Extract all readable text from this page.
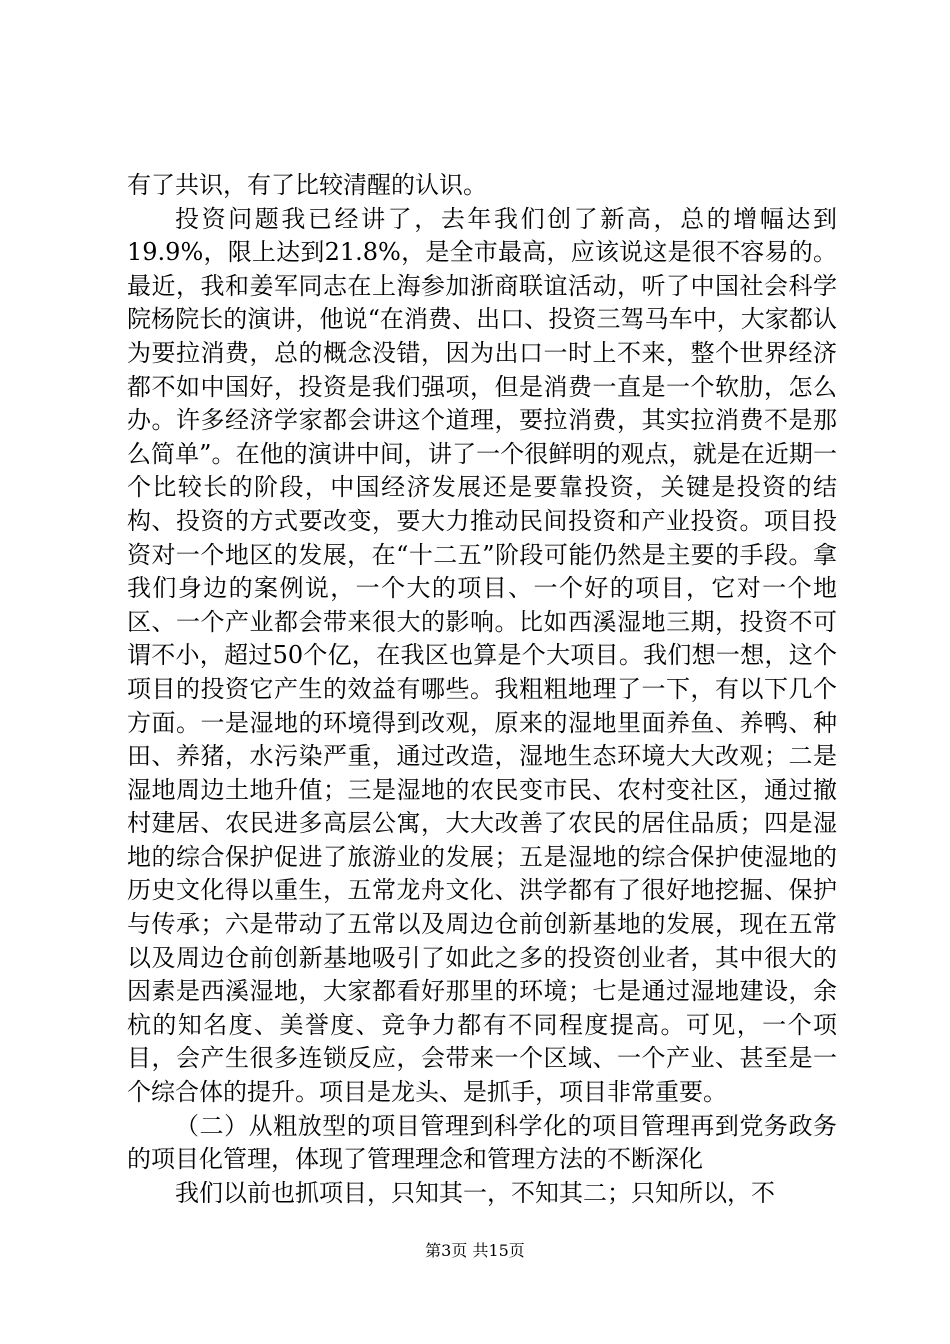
有了共识，有了比较清醒的认识。

投资问题我已经讲了，去年我们创了新高，总的增幅达到19.9%，限上达到21.8%，是全市最高，应该说这是很不容易的。最近，我和姜军同志在上海参加浙商联谊活动，听了中国社会科学院杨院长的演讲，他说“在消费、出口、投资三驾马车中，大家都认为要拉消费，总的概念没错，因为出口一时上不来，整个世界经济都不如中国好，投资是我们强项，但是消费一直是一个软肋，怎么办。许多经济学家都会讲这个道理，要拉消费，其实拉消费不是那么简单”。在他的演讲中间，讲了一个很鲜明的观点，就是在近期一个比较长的阶段，中国经济发展还是要靠投资，关键是投资的结构、投资的方式要改变，要大力推动民间投资和产业投资。项目投资对一个地区的发展，在“十二五”阶段可能仍然是主要的手段。拿我们身边的案例说，一个大的项目、一个好的项目，它对一个地区、一个产业都会带来很大的影响。比如西溪湿地三期，投资不可谓不小，超过50个亿，在我区也算是个大项目。我们想一想，这个项目的投资它产生的效益有哪些。我粗粗地理了一下，有以下几个方面。一是湿地的环境得到改观，原来的湿地里面养鱼、养鸭、种田、养猪，水污染严重，通过改造，湿地生态环境大大改观；二是湿地周边土地升值；三是湿地的农民变市民、农村变社区，通过撤村建居、农民进多高层公寓，大大改善了农民的居住品质；四是湿地的综合保护促进了旅游业的发展；五是湿地的综合保护使湿地的历史文化得以重生，五常龙舟文化、洪学都有了很好地挖掘、保护与传承；六是带动了五常以及周边仓前创新基地的发展，现在五常以及周边仓前创新基地吸引了如此之多的投资创业者，其中很大的因素是西溪湿地，大家都看好那里的环境；七是通过湿地建设，余杭的知名度、美誉度、竞争力都有不同程度提高。可见，一个项目，会产生很多连锁反应，会带来一个区域、一个产业、甚至是一个综合体的提升。项目是龙头、是抓手，项目非常重要。

（二）从粗放型的项目管理到科学化的项目管理再到党务政务的项目化管理，体现了管理理念和管理方法的不断深化

我们以前也抓项目，只知其一，不知其二；只知所以，不

第3页 共15页
